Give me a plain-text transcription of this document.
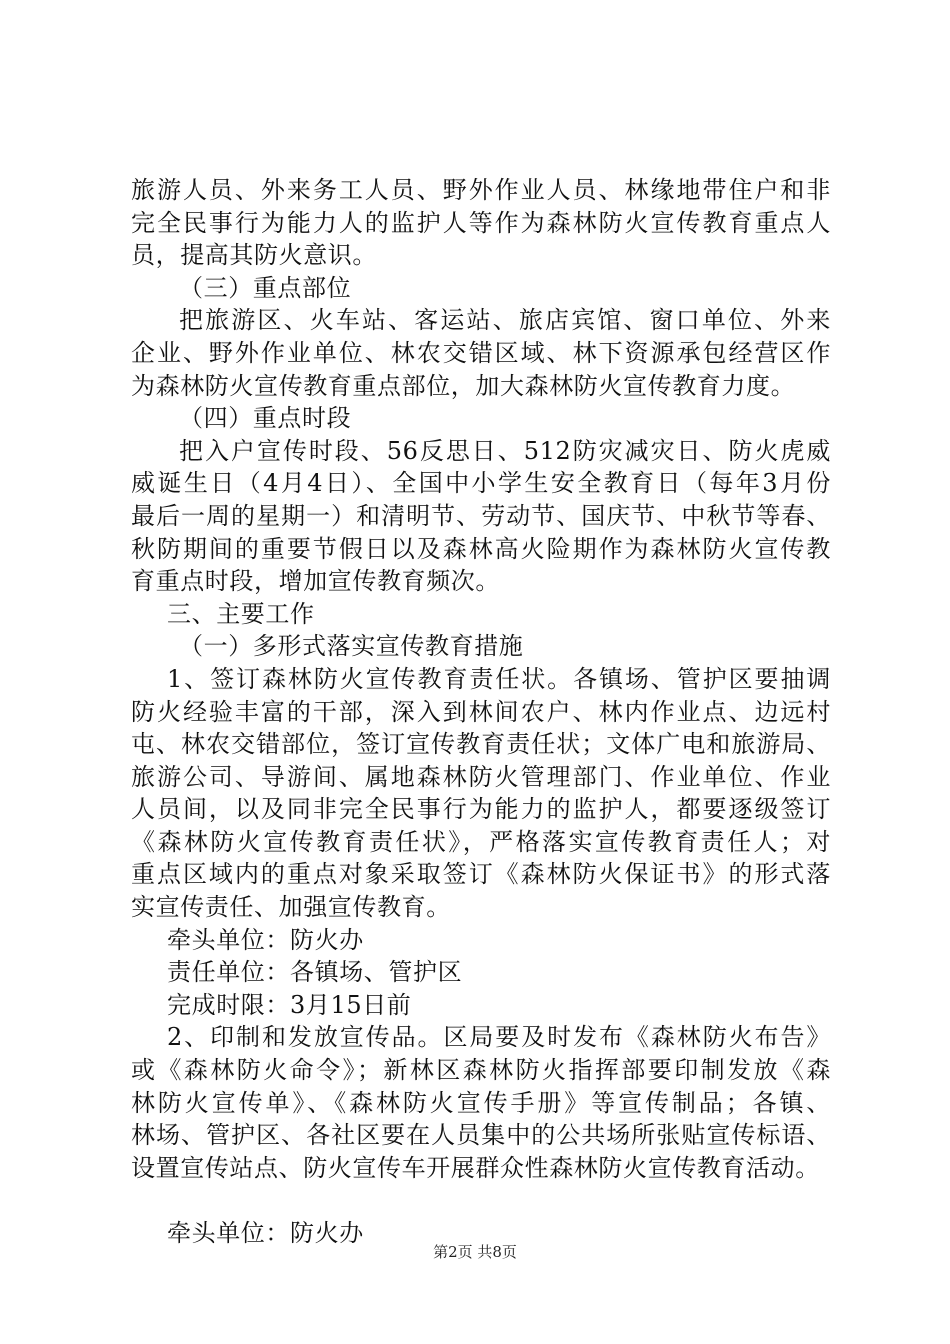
旅游人员、外来务工人员、野外作业人员、林缘地带住户和非
完全民事行为能力人的监护人等作为森林防火宣传教育重点人
员，提高其防火意识。
（三）重点部位
把旅游区、火车站、客运站、旅店宾馆、窗口单位、外来
企业、野外作业单位、林农交错区域、林下资源承包经营区作
为森林防火宣传教育重点部位，加大森林防火宣传教育力度。
（四）重点时段
把入户宣传时段、56反思日、512防灾减灾日、防火虎威
威诞生日（4月4日）、全国中小学生安全教育日（每年3月份
最后一周的星期一）和清明节、劳动节、国庆节、中秋节等春、
秋防期间的重要节假日以及森林高火险期作为森林防火宣传教
育重点时段，增加宣传教育频次。
三、主要工作
（一）多形式落实宣传教育措施
1、签订森林防火宣传教育责任状。各镇场、管护区要抽调
防火经验丰富的干部，深入到林间农户、林内作业点、边远村
屯、林农交错部位，签订宣传教育责任状；文体广电和旅游局、
旅游公司、导游间、属地森林防火管理部门、作业单位、作业
人员间，以及同非完全民事行为能力的监护人，都要逐级签订
《森林防火宣传教育责任状》，严格落实宣传教育责任人；对
重点区域内的重点对象采取签订《森林防火保证书》的形式落
实宣传责任、加强宣传教育。
牵头单位：防火办
责任单位：各镇场、管护区
完成时限：3月15日前
2、印制和发放宣传品。区局要及时发布《森林防火布告》
或《森林防火命令》；新林区森林防火指挥部要印制发放《森
林防火宣传单》、《森林防火宣传手册》等宣传制品；各镇、
林场、管护区、各社区要在人员集中的公共场所张贴宣传标语、
设置宣传站点、防火宣传车开展群众性森林防火宣传教育活动。
牵头单位：防火办
第2页 共8页
